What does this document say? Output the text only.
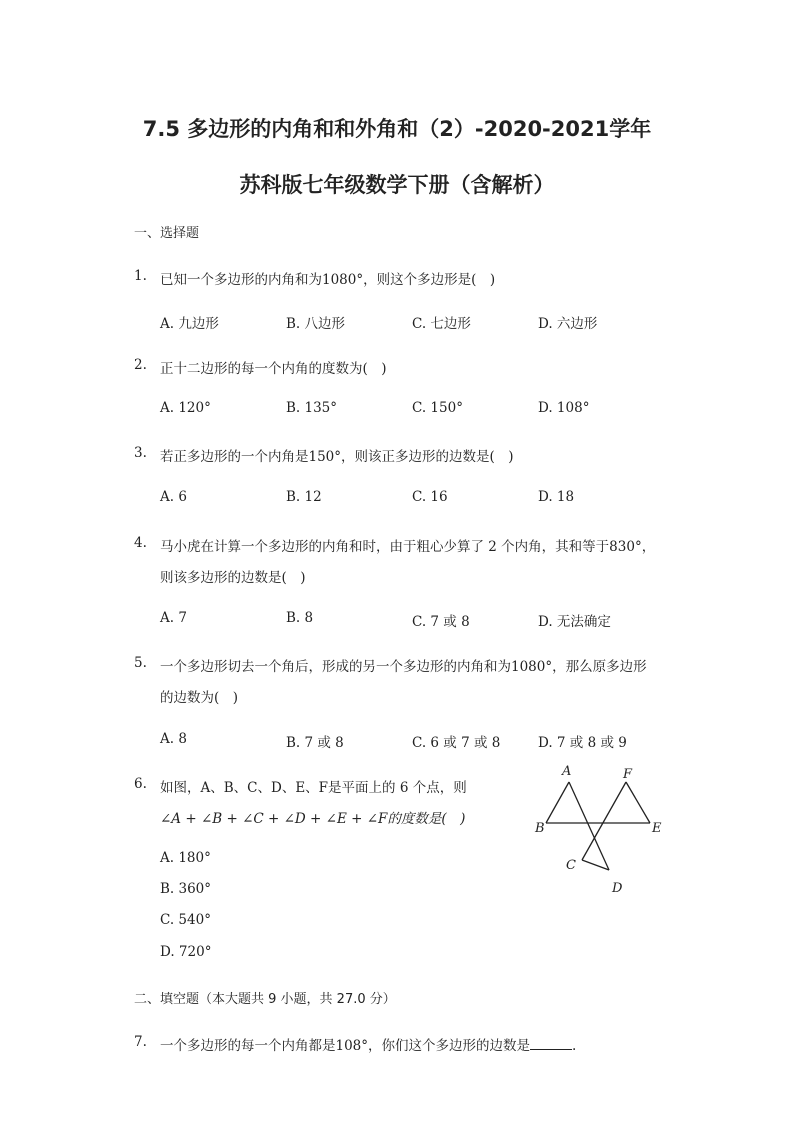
7.5 多边形的内角和和外角和（2）-2020-2021学年
苏科版七年级数学下册（含解析）
一、选择题
1. 已知一个多边形的内角和为1080°，则这个多边形是(　)
A. 九边形	B. 八边形	C. 七边形	D. 六边形
2. 正十二边形的每一个内角的度数为(　)
A. 120°	B. 135°	C. 150°	D. 108°
3. 若正多边形的一个内角是150°，则该正多边形的边数是(　)
A. 6	B. 12	C. 16	D. 18
4. 马小虎在计算一个多边形的内角和时，由于粗心少算了 2 个内角，其和等于830°，
则该多边形的边数是(　)
A. 7	B. 8	C. 7 或 8	D. 无法确定
5. 一个多边形切去一个角后，形成的另一个多边形的内角和为1080°，那么原多边形
的边数为(　)
A. 8	B. 7 或 8	C. 6 或 7 或 8	D. 7 或 8 或 9
6. 如图，A、B、C、D、E、F是平面上的 6 个点，则
∠A + ∠B + ∠C + ∠D + ∠E + ∠F的度数是(　)
A. 180°
B. 360°
C. 540°
D. 720°
A
B
C
D
E
F
二、填空题（本大题共 9 小题，共 27.0 分）
7. 一个多边形的每一个内角都是108°，你们这个多边形的边数是	.
